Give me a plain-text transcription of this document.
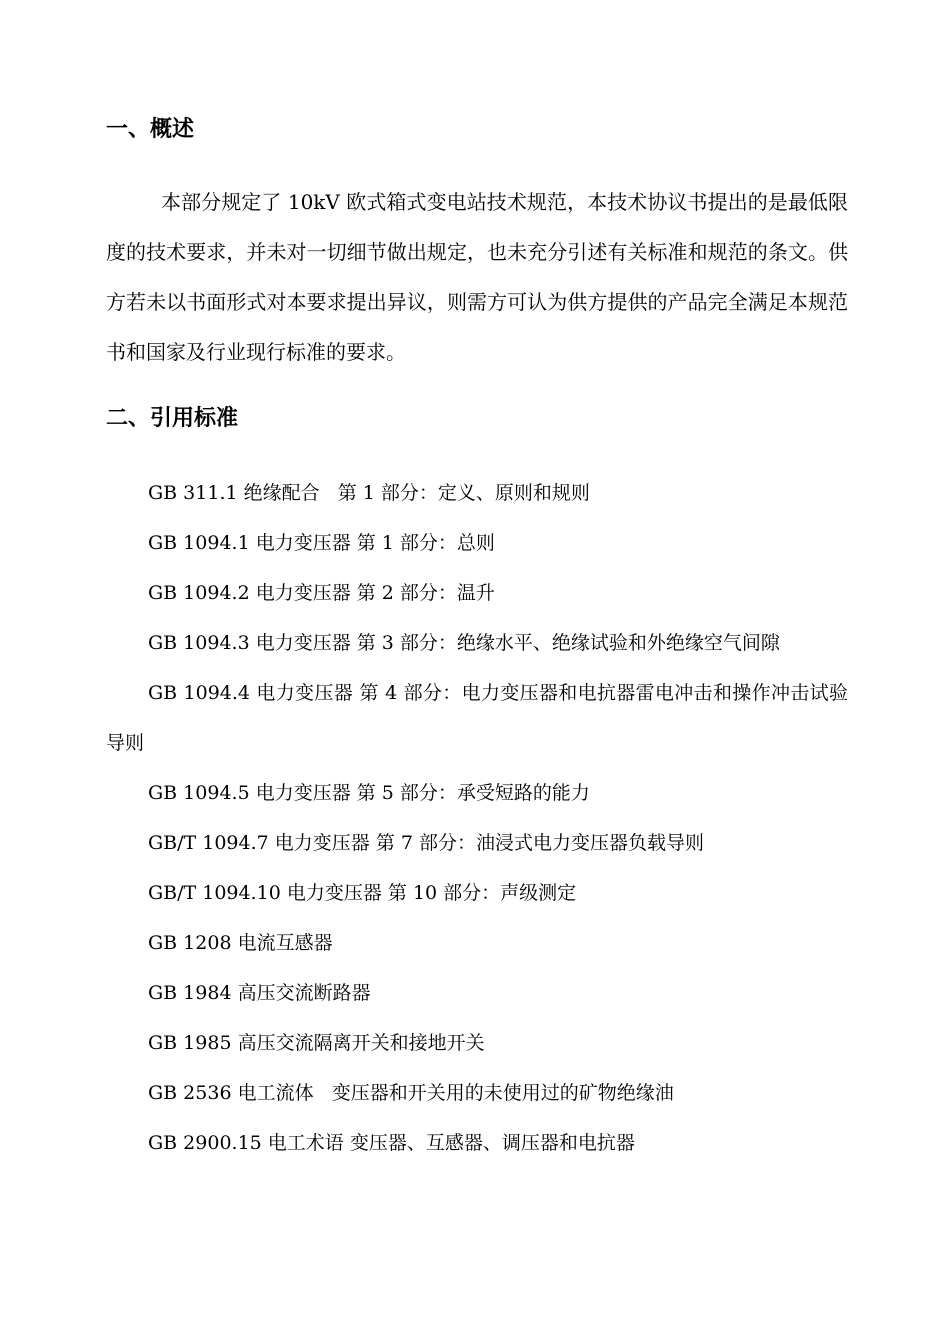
一、概述
本部分规定了 10kV 欧式箱式变电站技术规范，本技术协议书提出的是最低限度的技术要求，并未对一切细节做出规定，也未充分引述有关标准和规范的条文。供方若未以书面形式对本要求提出异议，则需方可认为供方提供的产品完全满足本规范书和国家及行业现行标准的要求。
二、引用标准
GB 311.1 绝缘配合   第 1 部分：定义、原则和规则
GB 1094.1 电力变压器 第 1 部分：总则
GB 1094.2 电力变压器 第 2 部分：温升
GB 1094.3 电力变压器 第 3 部分：绝缘水平、绝缘试验和外绝缘空气间隙
GB 1094.4 电力变压器 第 4 部分：电力变压器和电抗器雷电冲击和操作冲击试验导则
GB 1094.5 电力变压器 第 5 部分：承受短路的能力
GB/T 1094.7 电力变压器 第 7 部分：油浸式电力变压器负载导则
GB/T 1094.10 电力变压器 第 10 部分：声级测定
GB 1208 电流互感器
GB 1984 高压交流断路器
GB 1985 高压交流隔离开关和接地开关
GB 2536 电工流体   变压器和开关用的未使用过的矿物绝缘油
GB 2900.15 电工术语 变压器、互感器、调压器和电抗器
